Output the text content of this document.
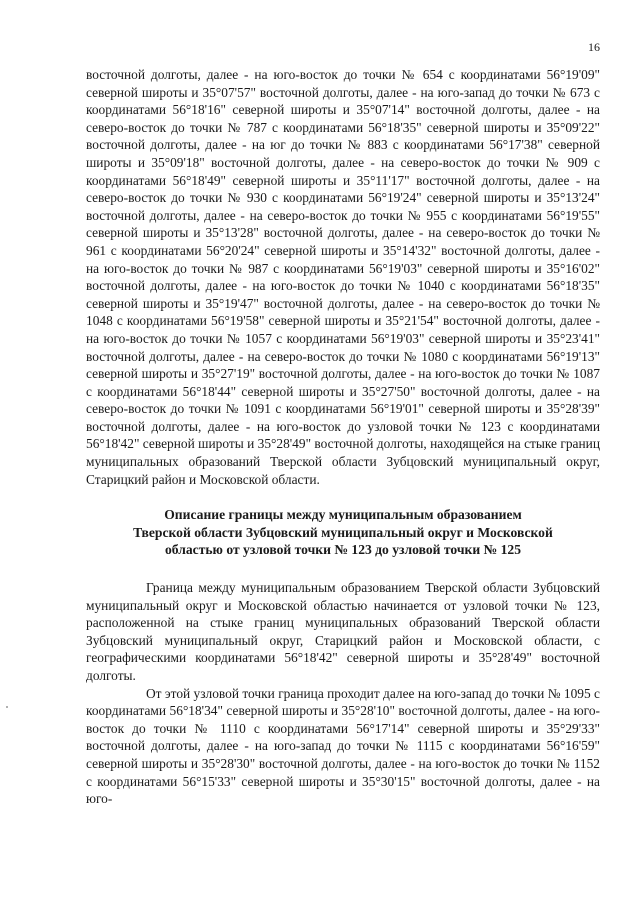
16

восточной долготы, далее - на юго-восток до точки № 654 с координатами 56°19'09" северной широты и 35°07'57" восточной долготы, далее - на юго-запад до точки № 673 с координатами 56°18'16" северной широты и 35°07'14" восточной долготы, далее - на северо-восток до точки № 787 с координатами 56°18'35" северной широты и 35°09'22" восточной долготы, далее - на юг до точки № 883 с координатами 56°17'38" северной широты и 35°09'18" восточной долготы, далее - на северо-восток до точки № 909 с координатами 56°18'49" северной широты и 35°11'17" восточной долготы, далее - на северо-восток до точки № 930 с координатами 56°19'24" северной широты и 35°13'24" восточной долготы, далее - на северо-восток до точки № 955 с координатами 56°19'55" северной широты и 35°13'28" восточной долготы, далее - на северо-восток до точки № 961 с координатами 56°20'24" северной широты и 35°14'32" восточной долготы, далее - на юго-восток до точки № 987 с координатами 56°19'03" северной широты и 35°16'02" восточной долготы, далее - на юго-восток до точки № 1040 с координатами 56°18'35" северной широты и 35°19'47" восточной долготы, далее - на северо-восток до точки № 1048 с координатами 56°19'58" северной широты и 35°21'54" восточной долготы, далее - на юго-восток до точки № 1057 с координатами 56°19'03" северной широты и 35°23'41" восточной долготы, далее - на северо-восток до точки № 1080 с координатами 56°19'13" северной широты и 35°27'19" восточной долготы, далее - на юго-восток до точки № 1087 с координатами 56°18'44" северной широты и 35°27'50" восточной долготы, далее - на северо-восток до точки № 1091 с координатами 56°19'01" северной широты и 35°28'39" восточной долготы, далее - на юго-восток до узловой точки № 123 с координатами 56°18'42" северной широты и 35°28'49" восточной долготы, находящейся на стыке границ муниципальных образований Тверской области Зубцовский муниципальный округ, Старицкий район и Московской области.

Описание границы между муниципальным образованием
Тверской области Зубцовский муниципальный округ и Московской
областью от узловой точки № 123 до узловой точки № 125

Граница между муниципальным образованием Тверской области Зубцовский муниципальный округ и Московской областью начинается от узловой точки № 123, расположенной на стыке границ муниципальных образований Тверской области Зубцовский муниципальный округ, Старицкий район и Московской области, с географическими координатами 56°18'42" северной широты и 35°28'49" восточной долготы.

От этой узловой точки граница проходит далее на юго-запад до точки № 1095 с координатами 56°18'34" северной широты и 35°28'10" восточной долготы, далее - на юго-восток до точки № 1110 с координатами 56°17'14" северной широты и 35°29'33" восточной долготы, далее - на юго-запад до точки № 1115 с координатами 56°16'59" северной широты и 35°28'30" восточной долготы, далее - на юго-восток до точки № 1152 с координатами 56°15'33" северной широты и 35°30'15" восточной долготы, далее - на юго-
